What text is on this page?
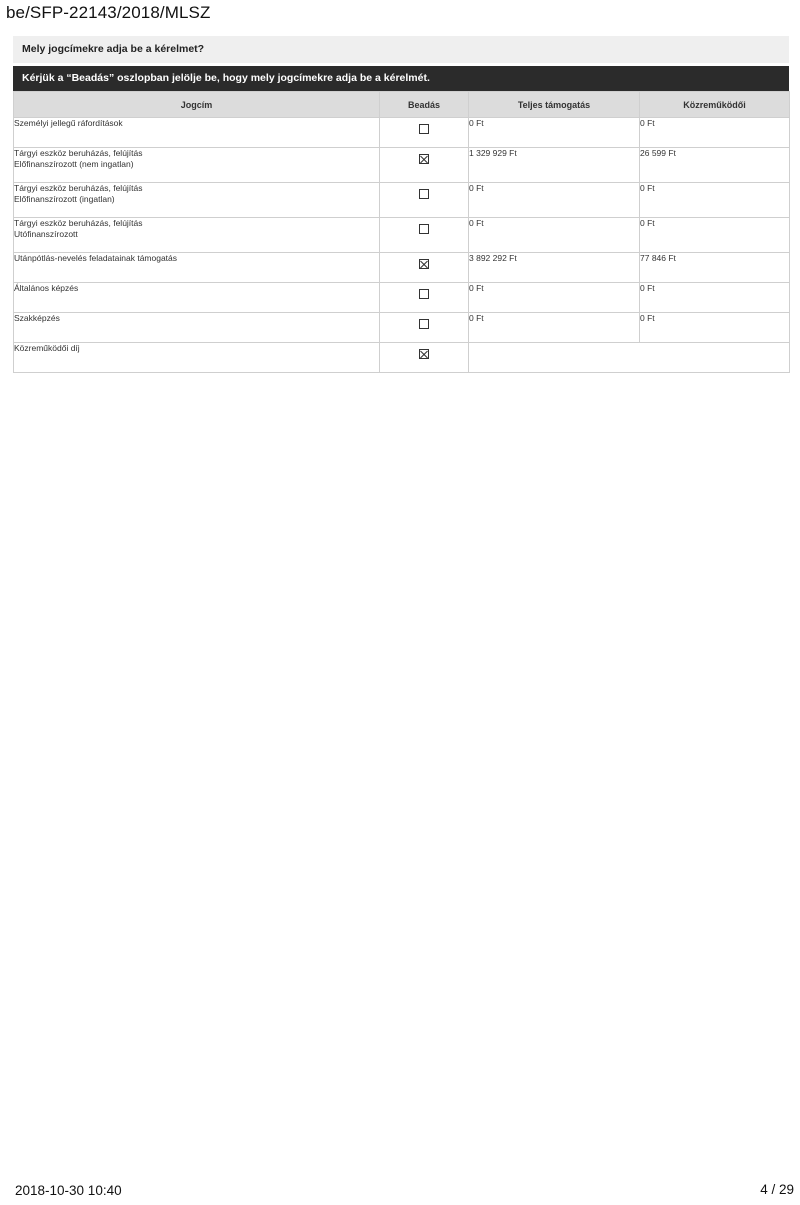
be/SFP-22143/2018/MLSZ
Mely jogcímekre adja be a kérelmet?
Kérjük a “Beadás” oszlopban jelölje be, hogy mely jogcímekre adja be a kérelmét.
Jogcím	Beadás	Teljes támogatás	Közreműködői

Személyi jellegű ráfordítások		0 Ft	0 Ft

Tárgyi eszköz beruházás, felújítás
Előfinanszírozott (nem ingatlan)		1 329 929 Ft	26 599 Ft

Tárgyi eszköz beruházás, felújítás
Előfinanszírozott (ingatlan)		0 Ft	0 Ft

Tárgyi eszköz beruházás, felújítás
Utófinanszírozott		0 Ft	0 Ft

Utánpótlás-nevelés feladatainak támogatás		3 892 292 Ft	77 846 Ft

Általános képzés		0 Ft	0 Ft

Szakképzés		0 Ft	0 Ft

Közreműködői díj			

2018-10-30 10:40	4 / 29
